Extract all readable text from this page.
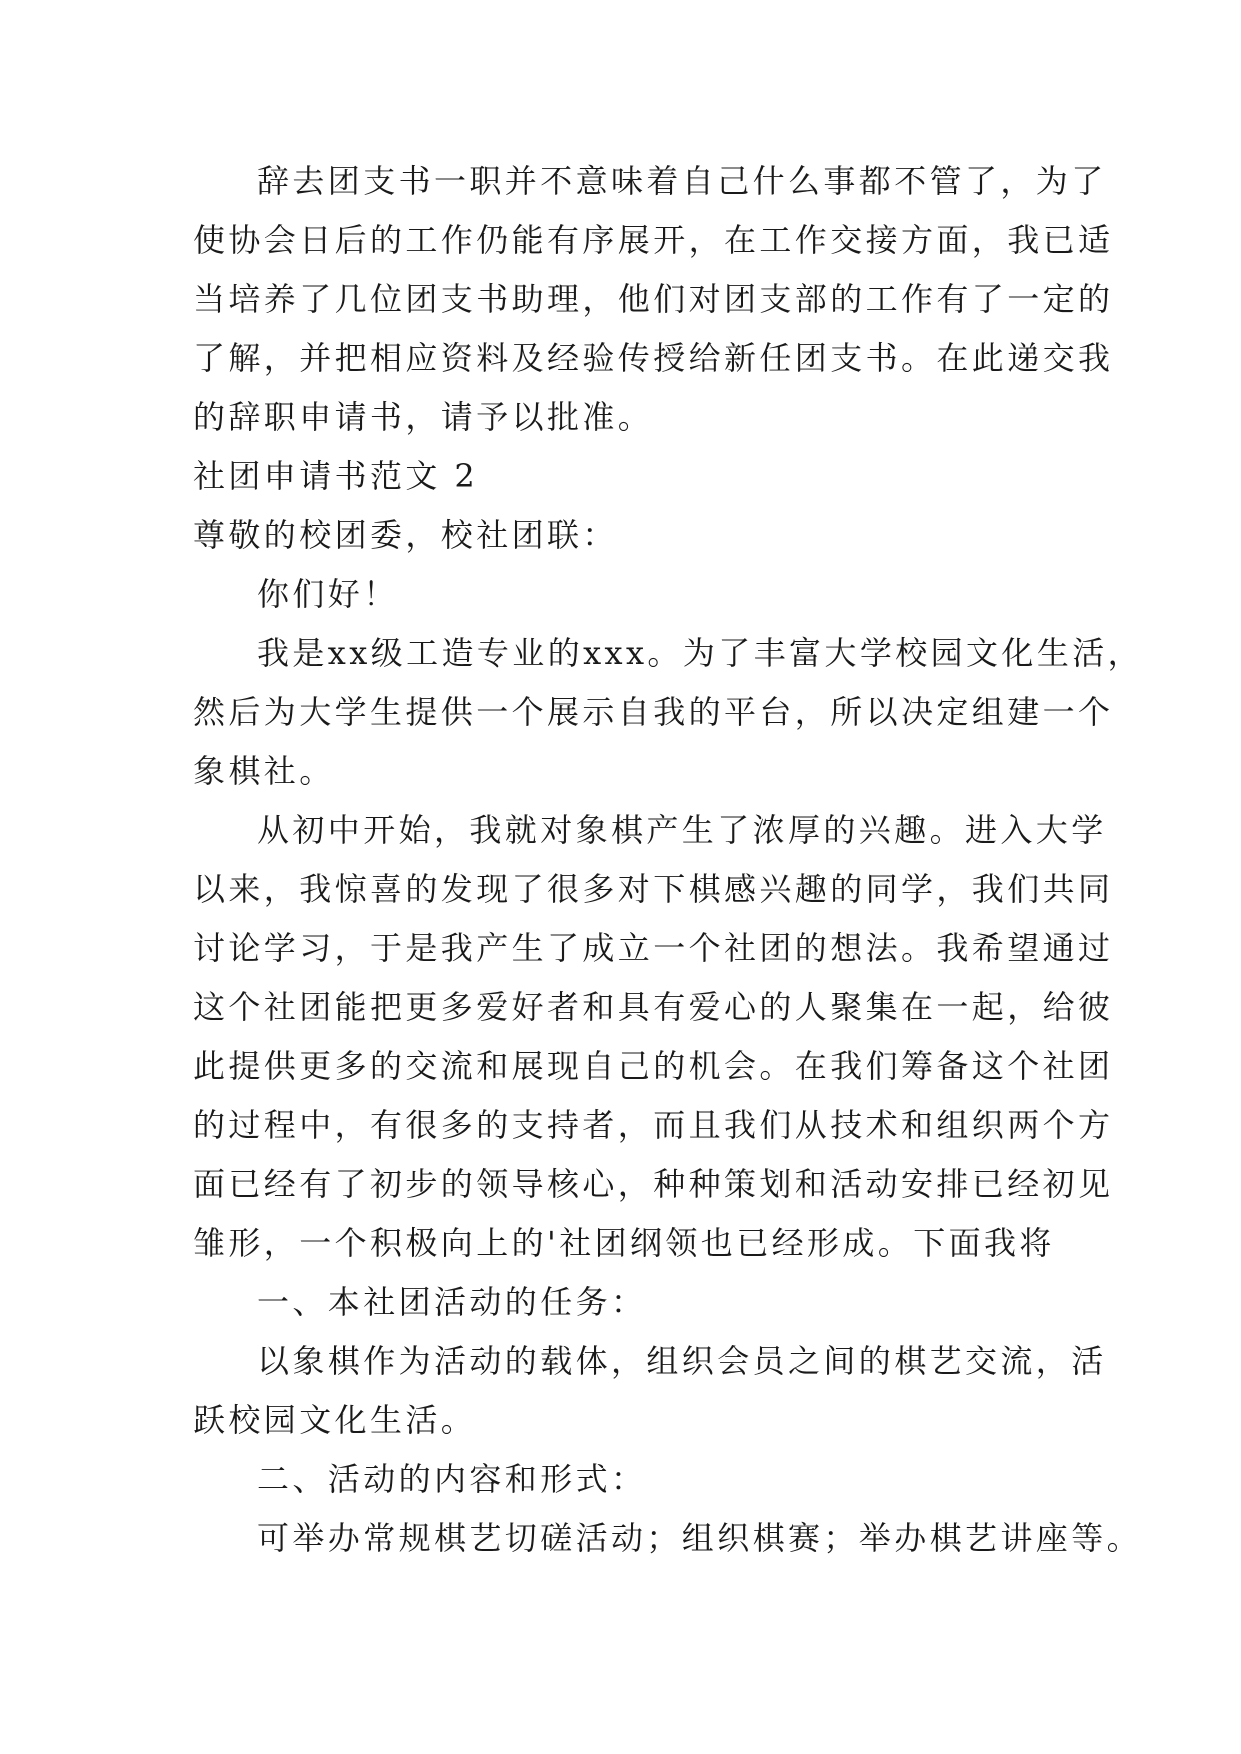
辞去团支书一职并不意味着自己什么事都不管了，为了
使协会日后的工作仍能有序展开，在工作交接方面，我已适
当培养了几位团支书助理，他们对团支部的工作有了一定的
了解，并把相应资料及经验传授给新任团支书。在此递交我
的辞职申请书，请予以批准。
社团申请书范文 2
尊敬的校团委，校社团联：
你们好！
我是xx级工造专业的xxx。为了丰富大学校园文化生活，
然后为大学生提供一个展示自我的平台，所以决定组建一个
象棋社。
从初中开始，我就对象棋产生了浓厚的兴趣。进入大学
以来，我惊喜的发现了很多对下棋感兴趣的同学，我们共同
讨论学习，于是我产生了成立一个社团的想法。我希望通过
这个社团能把更多爱好者和具有爱心的人聚集在一起，给彼
此提供更多的交流和展现自己的机会。在我们筹备这个社团
的过程中，有很多的支持者，而且我们从技术和组织两个方
面已经有了初步的领导核心，种种策划和活动安排已经初见
雏形，一个积极向上的'社团纲领也已经形成。下面我将
一、本社团活动的任务：
以象棋作为活动的载体，组织会员之间的棋艺交流，活
跃校园文化生活。
二、活动的内容和形式：
可举办常规棋艺切磋活动；组织棋赛；举办棋艺讲座等。
